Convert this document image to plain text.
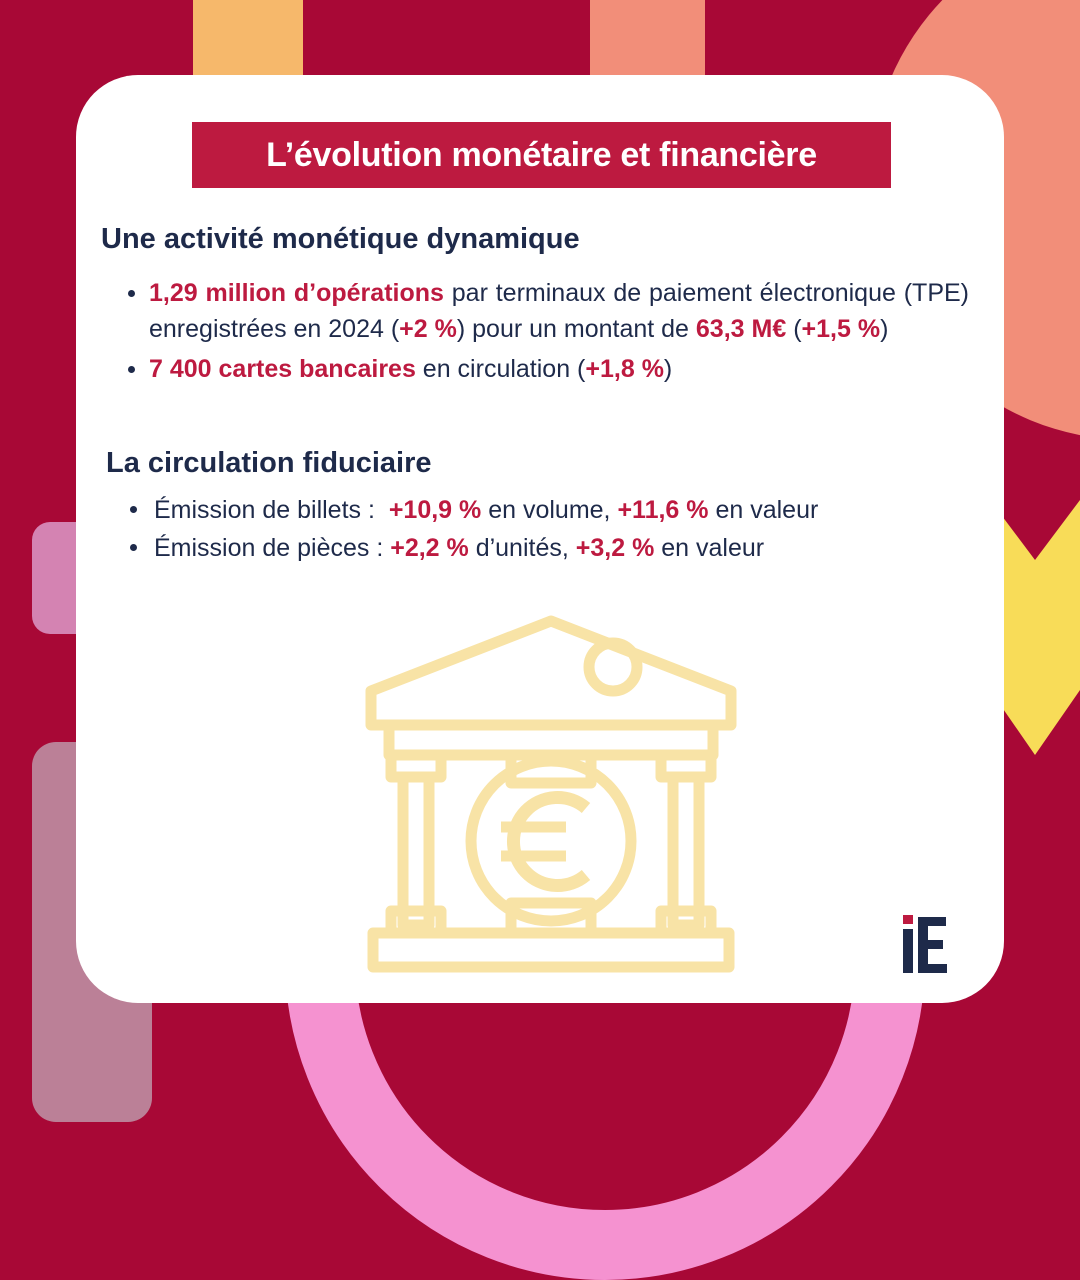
L’évolution monétaire et financière
Une activité monétique dynamique
1,29 million d’opérations par terminaux de paiement électronique (TPE) enregistrées en 2024 (+2 %) pour un montant de 63,3 M€ (+1,5 %)
7 400 cartes bancaires en circulation (+1,8 %)
La circulation fiduciaire
Émission de billets :  +10,9 % en volume, +11,6 % en valeur
Émission de pièces : +2,2 % d’unités, +3,2 % en valeur
